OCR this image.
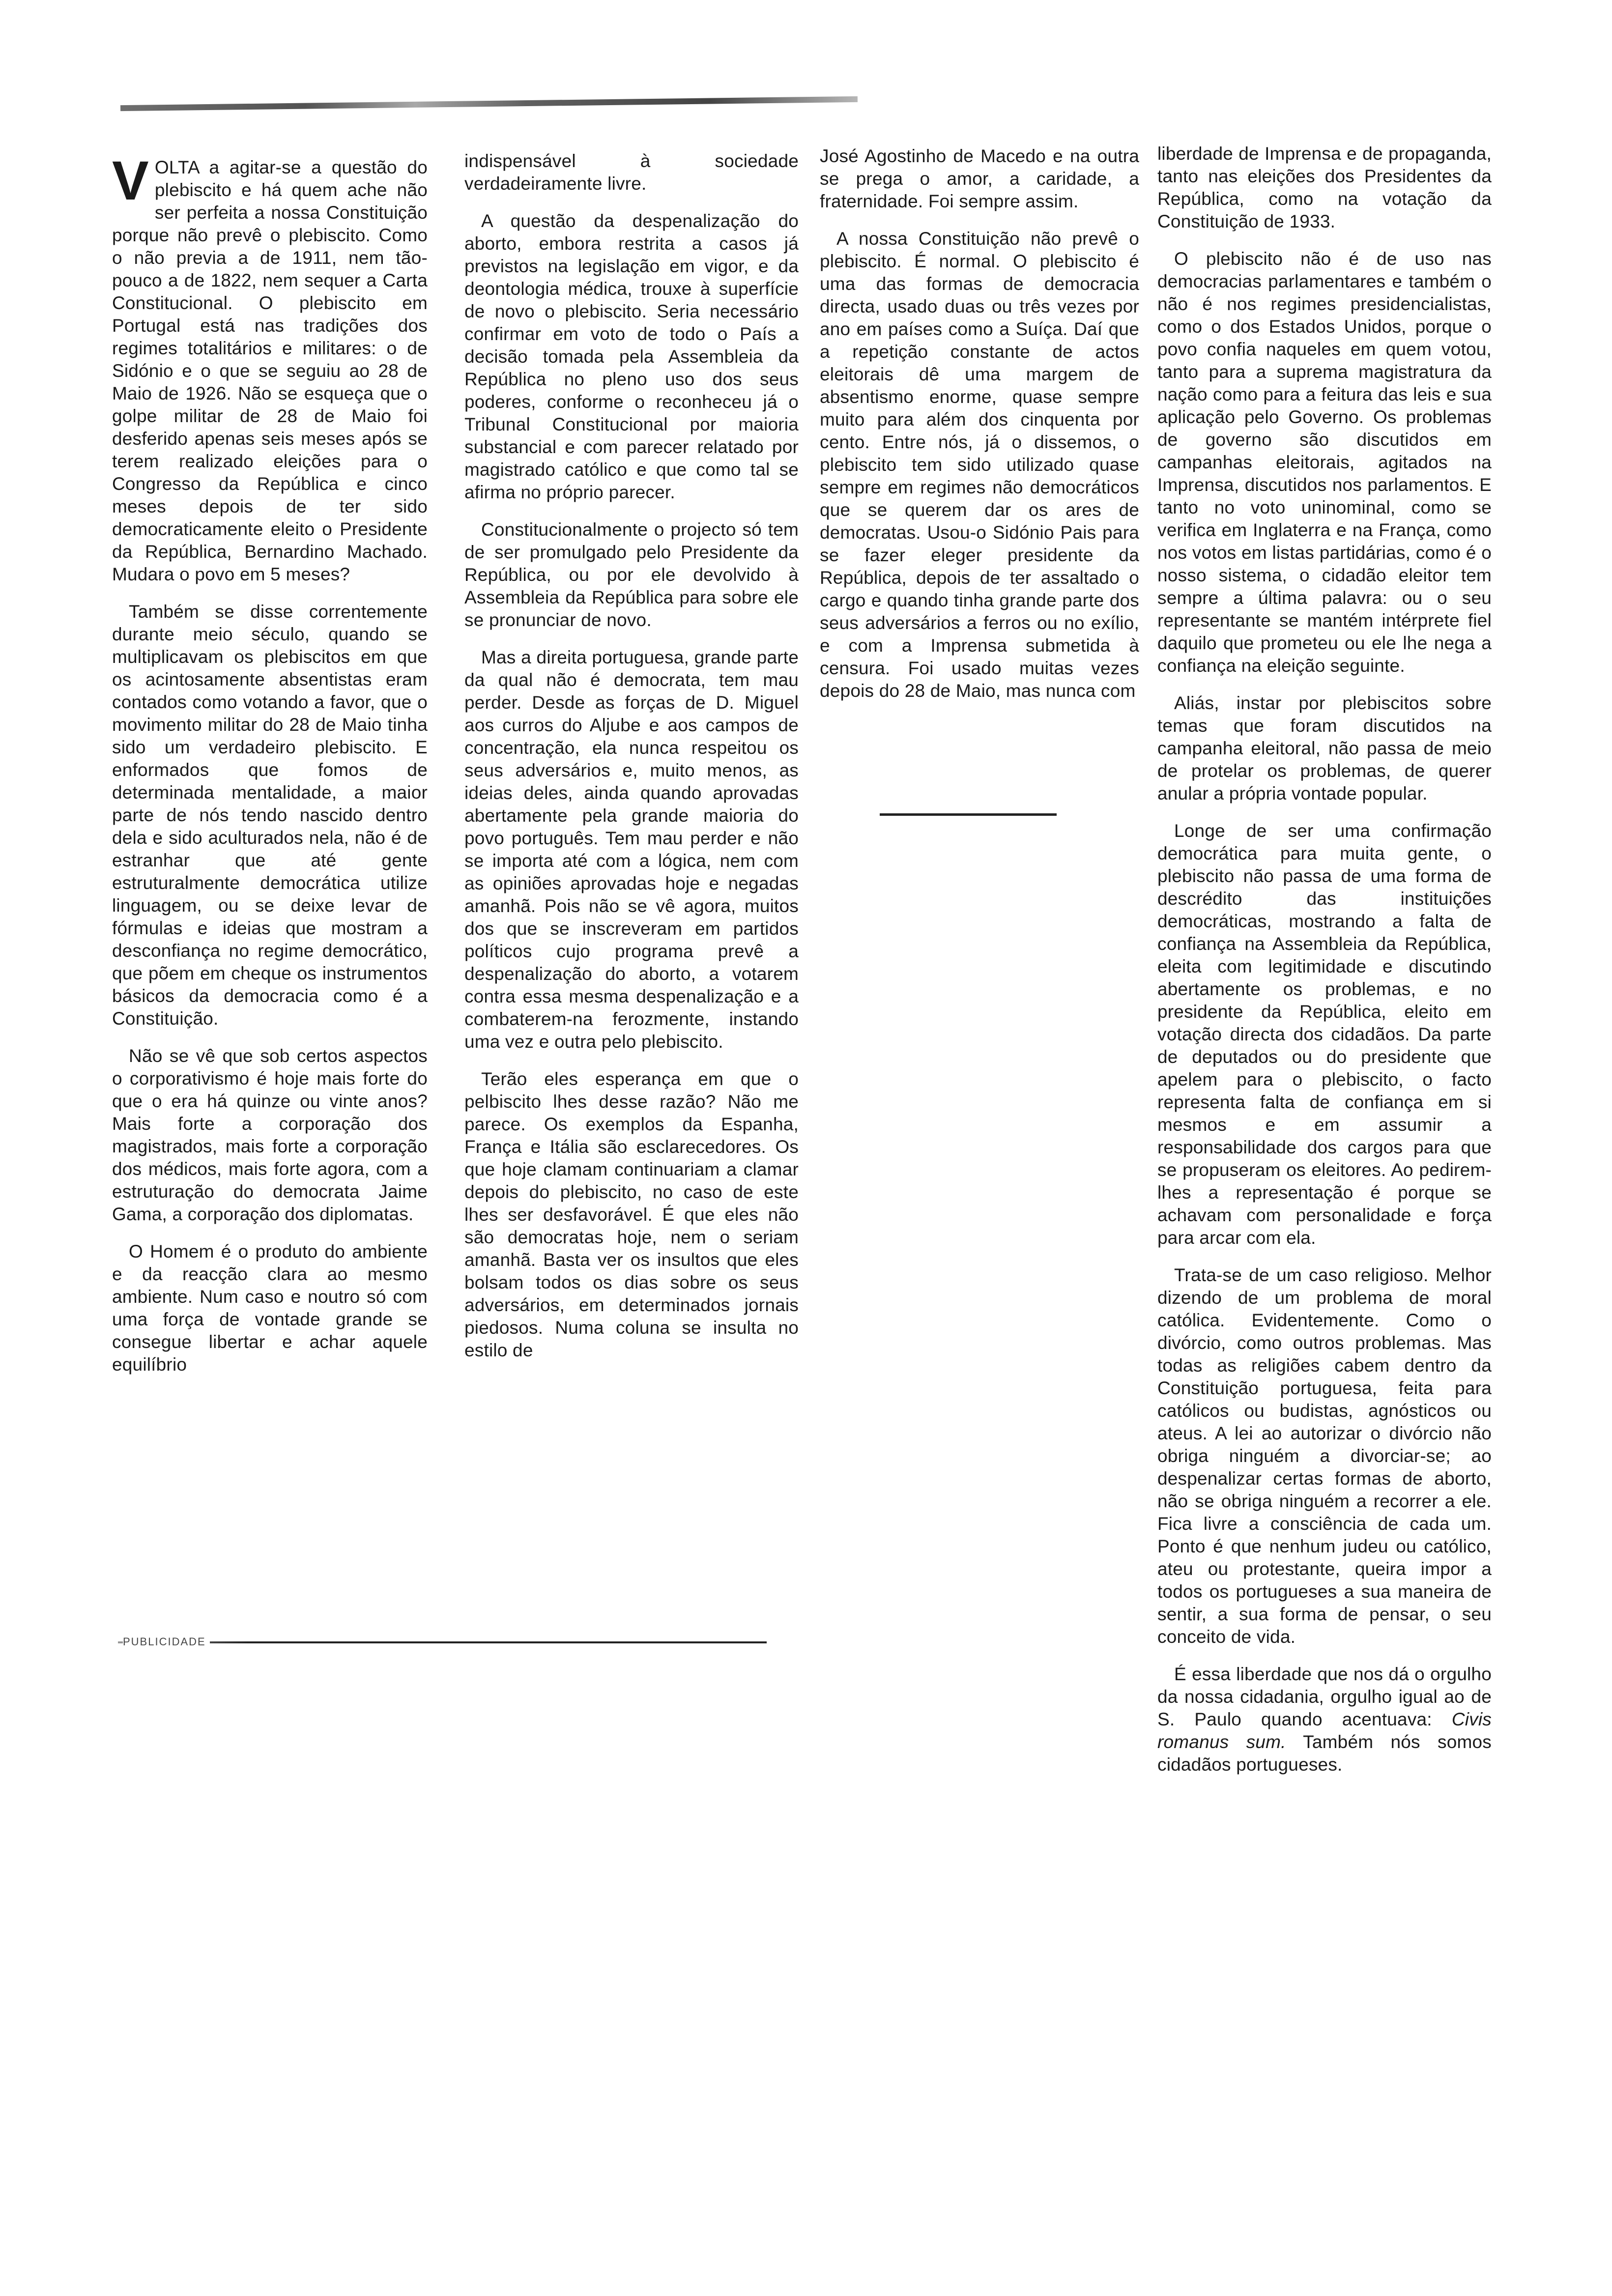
VOLTA a agitar-se a questão do plebiscito e há quem ache não ser perfeita a nossa Constituição porque não prevê o plebiscito. Como o não previa a de 1911, nem tão-pouco a de 1822, nem sequer a Carta Constitucional. O plebiscito em Portugal está nas tradições dos regimes totalitários e militares: o de Sidónio e o que se seguiu ao 28 de Maio de 1926. Não se esqueça que o golpe militar de 28 de Maio foi desferido apenas seis meses após se terem realizado eleições para o Congresso da República e cinco meses depois de ter sido democraticamente eleito o Presidente da República, Bernardino Machado. Mudara o povo em 5 meses?

Também se disse correntemente durante meio século, quando se multiplicavam os plebiscitos em que os acintosamente absentistas eram contados como votando a favor, que o movimento militar do 28 de Maio tinha sido um verdadeiro plebiscito. E enformados que fomos de determinada mentalidade, a maior parte de nós tendo nascido dentro dela e sido aculturados nela, não é de estranhar que até gente estruturalmente democrática utilize linguagem, ou se deixe levar de fórmulas e ideias que mostram a desconfiança no regime democrático, que põem em cheque os instrumentos básicos da democracia como é a Constituição.

Não se vê que sob certos aspectos o corporativismo é hoje mais forte do que o era há quinze ou vinte anos? Mais forte a corporação dos magistrados, mais forte a corporação dos médicos, mais forte agora, com a estruturação do democrata Jaime Gama, a corporação dos diplomatas.

O Homem é o produto do ambiente e da reacção clara ao mesmo ambiente. Num caso e noutro só com uma força de vontade grande se consegue libertar e achar aquele equilíbrio

indispensável à sociedade verdadeiramente livre.

A questão da despenalização do aborto, embora restrita a casos já previstos na legislação em vigor, e da deontologia médica, trouxe à superfície de novo o plebiscito. Seria necessário confirmar em voto de todo o País a decisão tomada pela Assembleia da República no pleno uso dos seus poderes, conforme o reconheceu já o Tribunal Constitucional por maioria substancial e com parecer relatado por magistrado católico e que como tal se afirma no próprio parecer.

Constitucionalmente o projecto só tem de ser promulgado pelo Presidente da República, ou por ele devolvido à Assembleia da República para sobre ele se pronunciar de novo.

Mas a direita portuguesa, grande parte da qual não é democrata, tem mau perder. Desde as forças de D. Miguel aos curros do Aljube e aos campos de concentração, ela nunca respeitou os seus adversários e, muito menos, as ideias deles, ainda quando aprovadas abertamente pela grande maioria do povo português. Tem mau perder e não se importa até com a lógica, nem com as opiniões aprovadas hoje e negadas amanhã. Pois não se vê agora, muitos dos que se inscreveram em partidos políticos cujo programa prevê a despenalização do aborto, a votarem contra essa mesma despenalização e a combaterem-na ferozmente, instando uma vez e outra pelo plebiscito.

Terão eles esperança em que o pelbiscito lhes desse razão? Não me parece. Os exemplos da Espanha, França e Itália são esclarecedores. Os que hoje clamam continuariam a clamar depois do plebiscito, no caso de este lhes ser desfavorável. É que eles não são democratas hoje, nem o seriam amanhã. Basta ver os insultos que eles bolsam todos os dias sobre os seus adversários, em determinados jornais piedosos. Numa coluna se insulta no estilo de

José Agostinho de Macedo e na outra se prega o amor, a caridade, a fraternidade. Foi sempre assim.

A nossa Constituição não prevê o plebiscito. É normal. O plebiscito é uma das formas de democracia directa, usado duas ou três vezes por ano em países como a Suíça. Daí que a repetição constante de actos eleitorais dê uma margem de absentismo enorme, quase sempre muito para além dos cinquenta por cento. Entre nós, já o dissemos, o plebiscito tem sido utilizado quase sempre em regimes não democráticos que se querem dar os ares de democratas. Usou-o Sidónio Pais para se fazer eleger presidente da República, depois de ter assaltado o cargo e quando tinha grande parte dos seus adversários a ferros ou no exílio, e com a Imprensa submetida à censura. Foi usado muitas vezes depois do 28 de Maio, mas nunca com

liberdade de Imprensa e de propaganda, tanto nas eleições dos Presidentes da República, como na votação da Constituição de 1933.

O plebiscito não é de uso nas democracias parlamentares e também o não é nos regimes presidencialistas, como o dos Estados Unidos, porque o povo confia naqueles em quem votou, tanto para a suprema magistratura da nação como para a feitura das leis e sua aplicação pelo Governo. Os problemas de governo são discutidos em campanhas eleitorais, agitados na Imprensa, discutidos nos parlamentos. E tanto no voto uninominal, como se verifica em Inglaterra e na França, como nos votos em listas partidárias, como é o nosso sistema, o cidadão eleitor tem sempre a última palavra: ou o seu representante se mantém intérprete fiel daquilo que prometeu ou ele lhe nega a confiança na eleição seguinte.

Aliás, instar por plebiscitos sobre temas que foram discutidos na campanha eleitoral, não passa de meio de protelar os problemas, de querer anular a própria vontade popular.

Longe de ser uma confirmação democrática para muita gente, o plebiscito não passa de uma forma de descrédito das instituições democráticas, mostrando a falta de confiança na Assembleia da República, eleita com legitimidade e discutindo abertamente os problemas, e no presidente da República, eleito em votação directa dos cidadãos. Da parte de deputados ou do presidente que apelem para o plebiscito, o facto representa falta de confiança em si mesmos e em assumir a responsabilidade dos cargos para que se propuseram os eleitores. Ao pedirem-lhes a representação é porque se achavam com personalidade e força para arcar com ela.

Trata-se de um caso religioso. Melhor dizendo de um problema de moral católica. Evidentemente. Como o divórcio, como outros problemas. Mas todas as religiões cabem dentro da Constituição portuguesa, feita para católicos ou budistas, agnósticos ou ateus. A lei ao autorizar o divórcio não obriga ninguém a divorciar-se; ao despenalizar certas formas de aborto, não se obriga ninguém a recorrer a ele. Fica livre a consciência de cada um. Ponto é que nenhum judeu ou católico, ateu ou protestante, queira impor a todos os portugueses a sua maneira de sentir, a sua forma de pensar, o seu conceito de vida.

É essa liberdade que nos dá o orgulho da nossa cidadania, orgulho igual ao de S. Paulo quando acentuava: Civis romanus sum. Também nós somos cidadãos portugueses.

PUBLICIDADE
